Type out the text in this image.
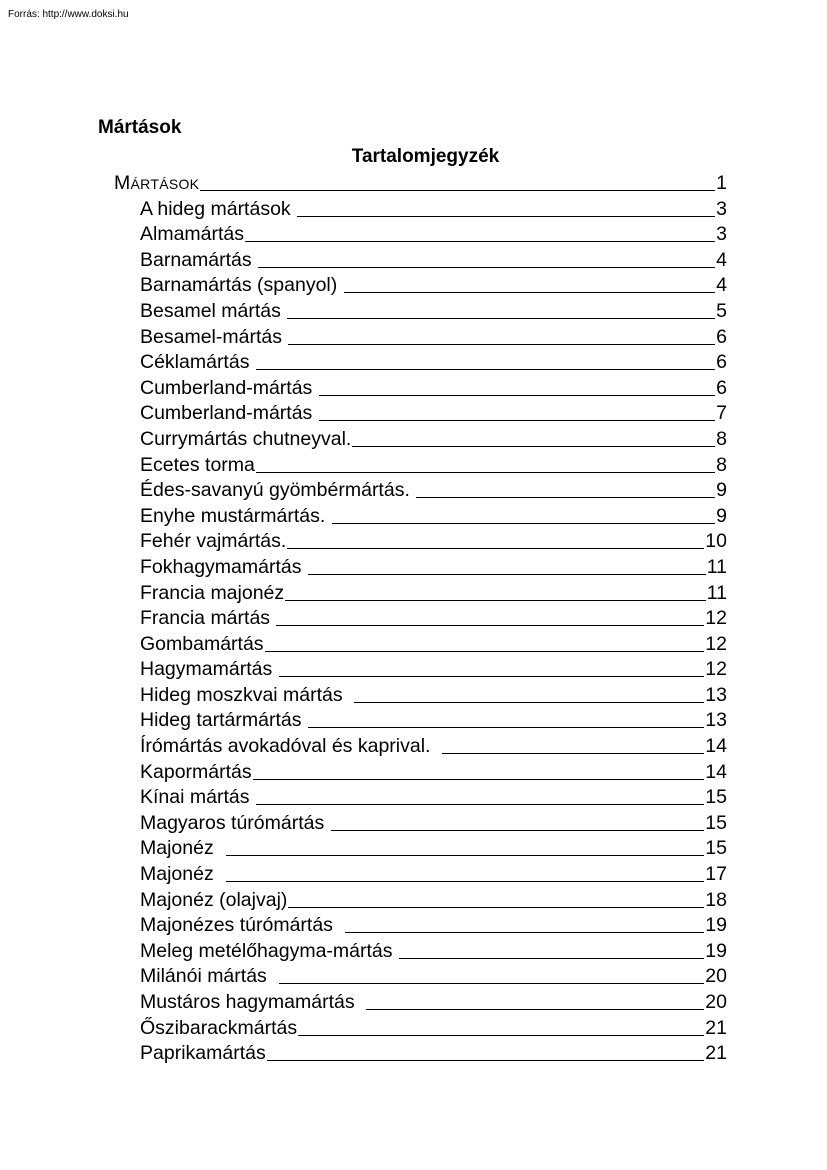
Forrás: http://www.doksi.hu
Mártások
Tartalomjegyzék
Mártások	1
A hideg mártások	3
Almamártás	3
Barnamártás	4
Barnamártás (spanyol)	4
Besamel mártás	5
Besamel-mártás	6
Céklamártás	6
Cumberland-mártás	6
Cumberland-mártás	7
Currymártás chutneyval.	8
Ecetes torma	8
Édes-savanyú gyömbérmártás.	9
Enyhe mustármártás.	9
Fehér vajmártás.	10
Fokhagymamártás	11
Francia majonéz	11
Francia mártás	12
Gombamártás	12
Hagymamártás	12
Hideg moszkvai mártás	13
Hideg tartármártás	13
Írómártás avokadóval és kaprival.	14
Kapormártás	14
Kínai mártás	15
Magyaros túrómártás	15
Majonéz	15
Majonéz	17
Majonéz (olajvaj)	18
Majonézes túrómártás	19
Meleg metélőhagyma-mártás	19
Milánói mártás	20
Mustáros hagymamártás	20
Őszibarackmártás	21
Paprikamártás	21
